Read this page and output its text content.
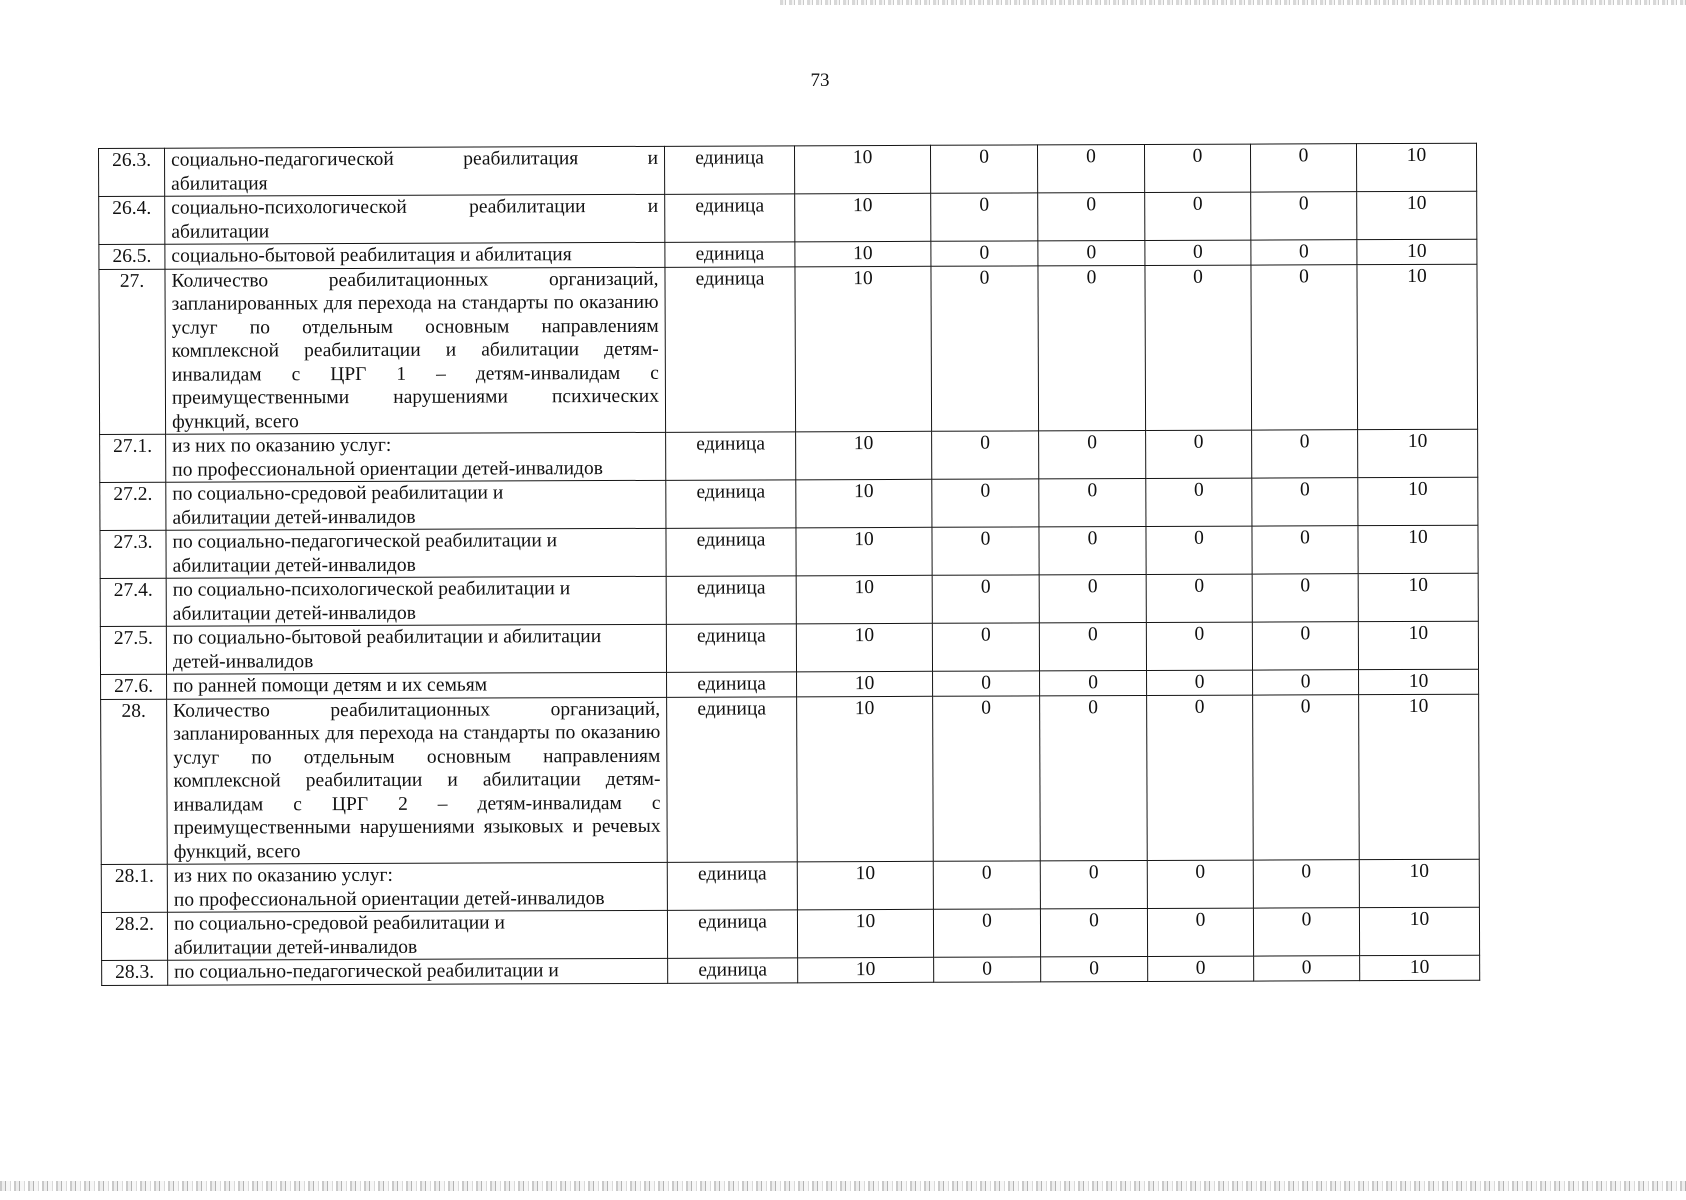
73
26.3.	социально-педагогической реабилитация и
абилитация	единица	10	0	0	0	0	10
26.4.	социально-психологической реабилитации и
абилитации	единица	10	0	0	0	0	10
26.5.	социально-бытовой реабилитация и абилитация	единица	10	0	0	0	0	10
27.	Количество реабилитационных организаций, запланированных для перехода на стандарты по оказанию услуг по отдельным основным направлениям комплексной реабилитации и абилитации детям-инвалидам с ЦРГ 1 – детям-инвалидам с преимущественными нарушениями психических функций, всего	единица	10	0	0	0	0	10
27.1.	из них по оказанию услуг:
по профессиональной ориентации детей-инвалидов	единица	10	0	0	0	0	10
27.2.	по социально-средовой реабилитации и
абилитации детей-инвалидов	единица	10	0	0	0	0	10
27.3.	по социально-педагогической реабилитации и
абилитации детей-инвалидов	единица	10	0	0	0	0	10
27.4.	по социально-психологической реабилитации и
абилитации детей-инвалидов	единица	10	0	0	0	0	10
27.5.	по социально-бытовой реабилитации и абилитации
детей-инвалидов	единица	10	0	0	0	0	10
27.6.	по ранней помощи детям и их семьям	единица	10	0	0	0	0	10
28.	Количество реабилитационных организаций, запланированных для перехода на стандарты по оказанию услуг по отдельным основным направлениям комплексной реабилитации и абилитации детям-инвалидам с ЦРГ 2 – детям-инвалидам с преимущественными нарушениями языковых и речевых функций, всего	единица	10	0	0	0	0	10
28.1.	из них по оказанию услуг:
по профессиональной ориентации детей-инвалидов	единица	10	0	0	0	0	10
28.2.	по социально-средовой реабилитации и
абилитации детей-инвалидов	единица	10	0	0	0	0	10
28.3.	по социально-педагогической реабилитации и	единица	10	0	0	0	0	10
